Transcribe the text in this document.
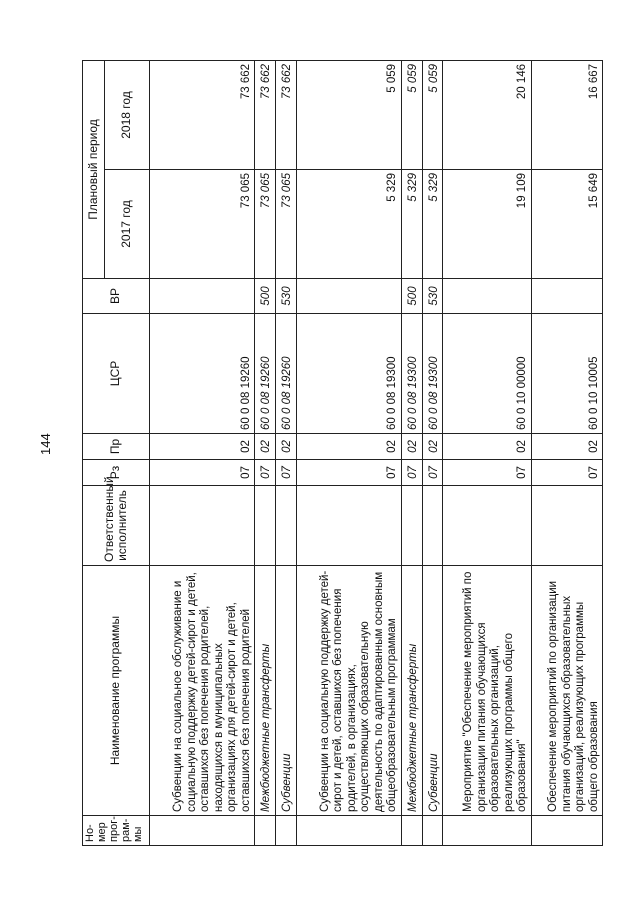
144
Но-мер прог-рам-мы	Наименование программы	Ответственный исполнитель	Рз	Пр	ЦСР	ВР	Плановый период	
							2017 год	2018 год
	Субвенции на социальное обслуживание и социальную поддержку детей-сирот и детей, оставшихся без попечения родителей, находящихся в муниципальных организациях для детей-сирот и детей, оставшихся без попечения родителей		07	02	60 0 08 19260		73 065	73 662
	Межбюджетные трансферты		07	02	60 0 08 19260	500	73 065	73 662
	Субвенции		07	02	60 0 08 19260	530	73 065	73 662
	Субвенции на социальную поддержку детей-сирот и детей, оставшихся без попечения родителей, в организациях, осуществляющих образовательную деятельность по адаптированным основным общеобразовательным программам		07	02	60 0 08 19300		5 329	5 059
	Межбюджетные трансферты		07	02	60 0 08 19300	500	5 329	5 059
	Субвенции		07	02	60 0 08 19300	530	5 329	5 059
	Мероприятие "Обеспечение мероприятий по организации питания обучающихся образовательных организаций, реализующих программы общего образования"		07	02	60 0 10 00000		19 109	20 146
	Обеспечение мероприятий по организации питания обучающихся образовательных организаций, реализующих программы общего образования		07	02	60 0 10 10005		15 649	16 667
